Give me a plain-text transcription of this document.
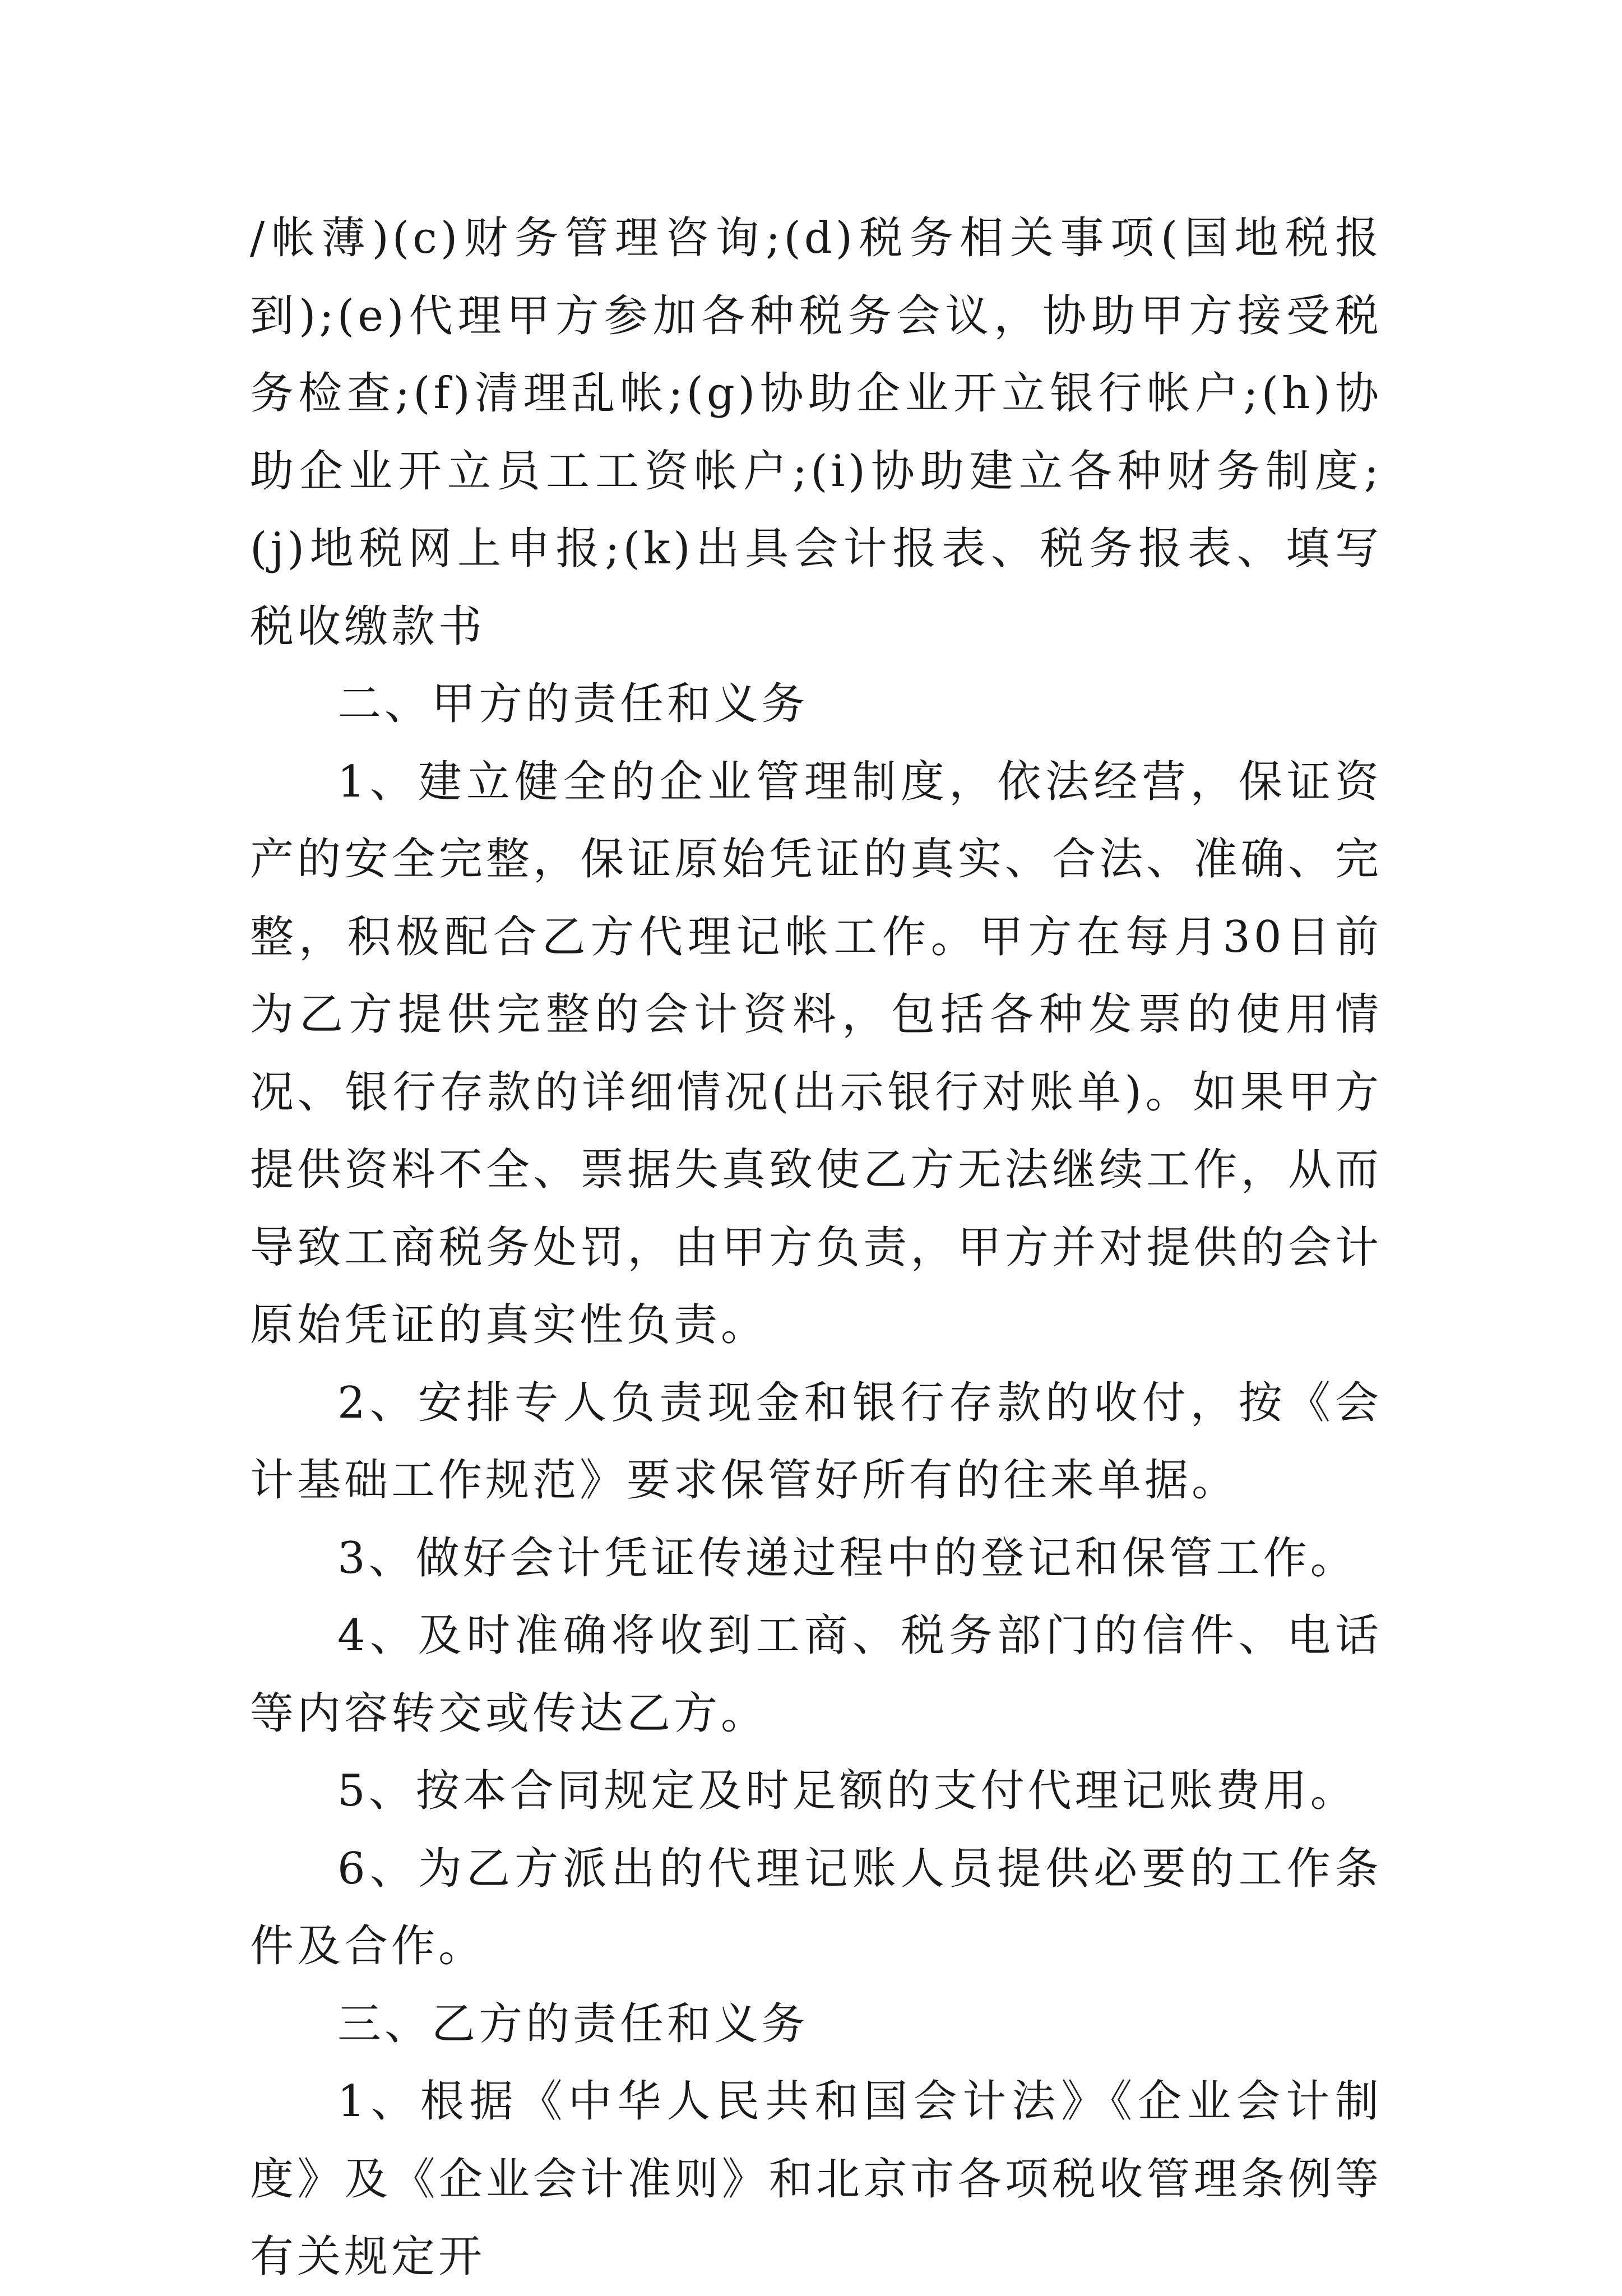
/帐薄)(c)财务管理咨询;(d)税务相关事项(国地税报到);(e)代理甲方参加各种税务会议，协助甲方接受税务检查;(f)清理乱帐;(g)协助企业开立银行帐户;(h)协助企业开立员工工资帐户;(i)协助建立各种财务制度;(j)地税网上申报;(k)出具会计报表、税务报表、填写税收缴款书

二、甲方的责任和义务

1、建立健全的企业管理制度，依法经营，保证资产的安全完整，保证原始凭证的真实、合法、准确、完整，积极配合乙方代理记帐工作。甲方在每月30日前为乙方提供完整的会计资料，包括各种发票的使用情况、银行存款的详细情况(出示银行对账单)。如果甲方提供资料不全、票据失真致使乙方无法继续工作，从而导致工商税务处罚，由甲方负责，甲方并对提供的会计原始凭证的真实性负责。

2、安排专人负责现金和银行存款的收付，按《会计基础工作规范》要求保管好所有的往来单据。

3、做好会计凭证传递过程中的登记和保管工作。

4、及时准确将收到工商、税务部门的信件、电话等内容转交或传达乙方。

5、按本合同规定及时足额的支付代理记账费用。

6、为乙方派出的代理记账人员提供必要的工作条件及合作。

三、乙方的责任和义务

1、根据《中华人民共和国会计法》《企业会计制度》及《企业会计准则》和北京市各项税收管理条例等有关规定开
